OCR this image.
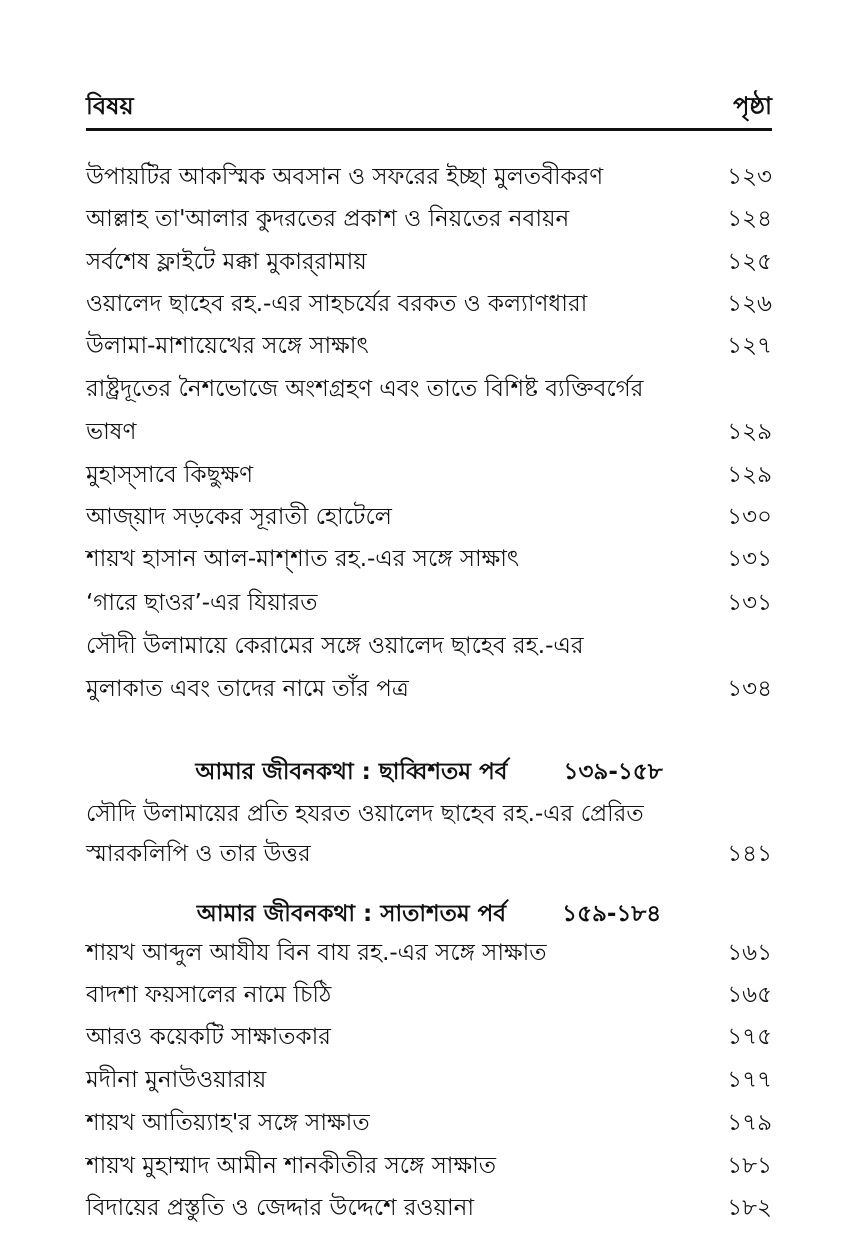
বিষয়	পৃষ্ঠা
উপায়টির আকস্মিক অবসান ও সফরের ইচ্ছা মুলতবীকরণ	১২৩
আল্লাহ তা'আলার কুদরতের প্রকাশ ও নিয়তের নবায়ন	১২৪
সর্বশেষ ফ্লাইটে মক্কা মুকার্‌রামায়	১২৫
ওয়ালেদ ছাহেব রহ.-এর সাহচর্যের বরকত ও কল্যাণধারা	১২৬
উলামা-মাশায়েখের সঙ্গে সাক্ষাৎ	১২৭
রাষ্ট্রদূতের নৈশভোজে অংশগ্রহণ এবং তাতে বিশিষ্ট ব্যক্তিবর্গের
ভাষণ	১২৯
মুহাস্‌সাবে কিছুক্ষণ	১২৯
আজ্‌য়াদ সড়কের সূরাতী হোটেলে	১৩০
শায়খ হাসান আল-মাশ্‌শাত রহ.-এর সঙ্গে সাক্ষাৎ	১৩১
‘গারে ছাওর’-এর যিয়ারত	১৩১
সৌদী উলামায়ে কেরামের সঙ্গে ওয়ালেদ ছাহেব রহ.-এর
মুলাকাত এবং তাদের নামে তাঁর পত্র	১৩৪
আমার জীবনকথা : ছাব্বিশতম পর্ব ১৩৯-১৫৮
সৌদি উলামায়ের প্রতি হযরত ওয়ালেদ ছাহেব রহ.-এর প্রেরিত
স্মারকলিপি ও তার উত্তর	১৪১
আমার জীবনকথা : সাতাশতম পর্ব ১৫৯-১৮৪
শায়খ আব্দুল আযীয বিন বায রহ.-এর সঙ্গে সাক্ষাত	১৬১
বাদশা ফয়সালের নামে চিঠি	১৬৫
আরও কয়েকটি সাক্ষাতকার	১৭৫
মদীনা মুনাউওয়ারায়	১৭৭
শায়খ আতিয়্যাহ'র সঙ্গে সাক্ষাত	১৭৯
শায়খ মুহাম্মাদ আমীন শানকীতীর সঙ্গে সাক্ষাত	১৮১
বিদায়ের প্রস্তুতি ও জেদ্দার উদ্দেশে রওয়ানা	১৮২
